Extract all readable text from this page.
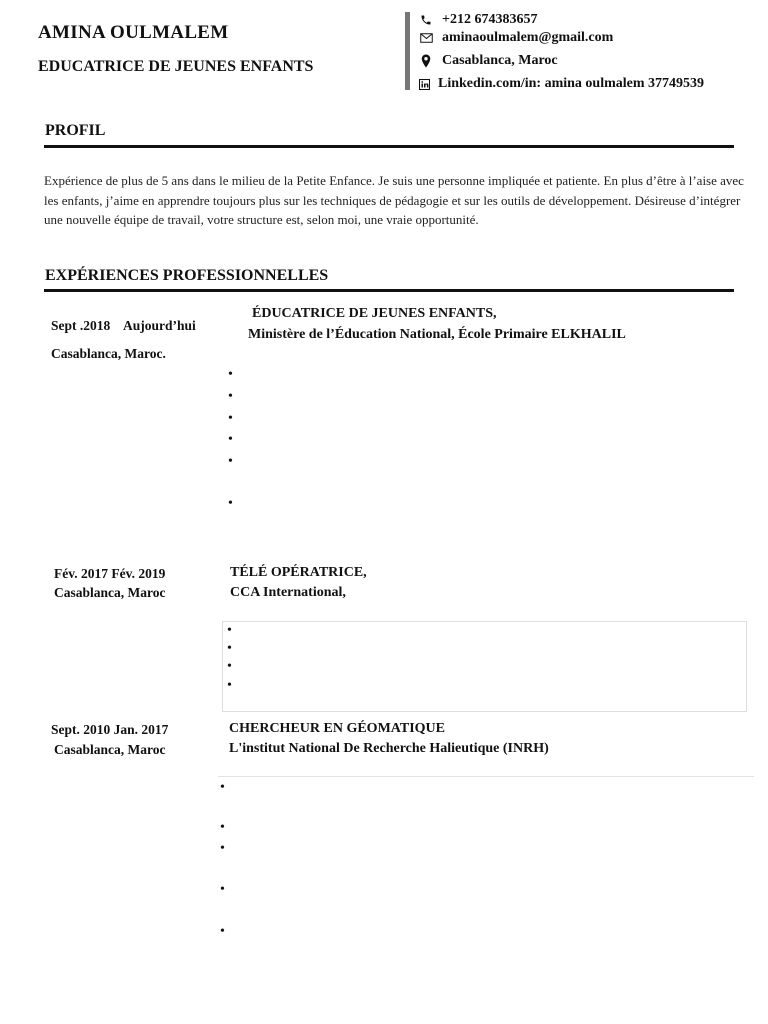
AMINA OULMALEM
EDUCATRICE DE JEUNES ENFANTS
+212 674383657
aminaoulmalem@gmail.com
Casablanca, Maroc
Linkedin.com/in: amina oulmalem 37749539
PROFIL
Expérience de plus de 5 ans dans le milieu de la Petite Enfance. Je suis une personne impliquée et patiente. En plus d’être à l’aise avec les enfants, j’aime en apprendre toujours plus sur les techniques de pédagogie et sur les outils de développement. Désireuse d’intégrer une nouvelle équipe de travail, votre structure est, selon moi, une vraie opportunité.
EXPÉRIENCES PROFESSIONNELLES
Sept .2018    Aujourd’hui
Casablanca, Maroc.
ÉDUCATRICE DE JEUNES ENFANTS,
Ministère de l’Éducation National, École Primaire ELKHALIL
•
•
•
•
•
•
Fév. 2017 Fév. 2019
Casablanca, Maroc
TÉLÉ OPÉRATRICE,
CCA International,
•
•
•
•
Sept. 2010 Jan. 2017
Casablanca, Maroc
CHERCHEUR EN GÉOMATIQUE
L'institut National De Recherche Halieutique (INRH)
•
•
•
•
•
